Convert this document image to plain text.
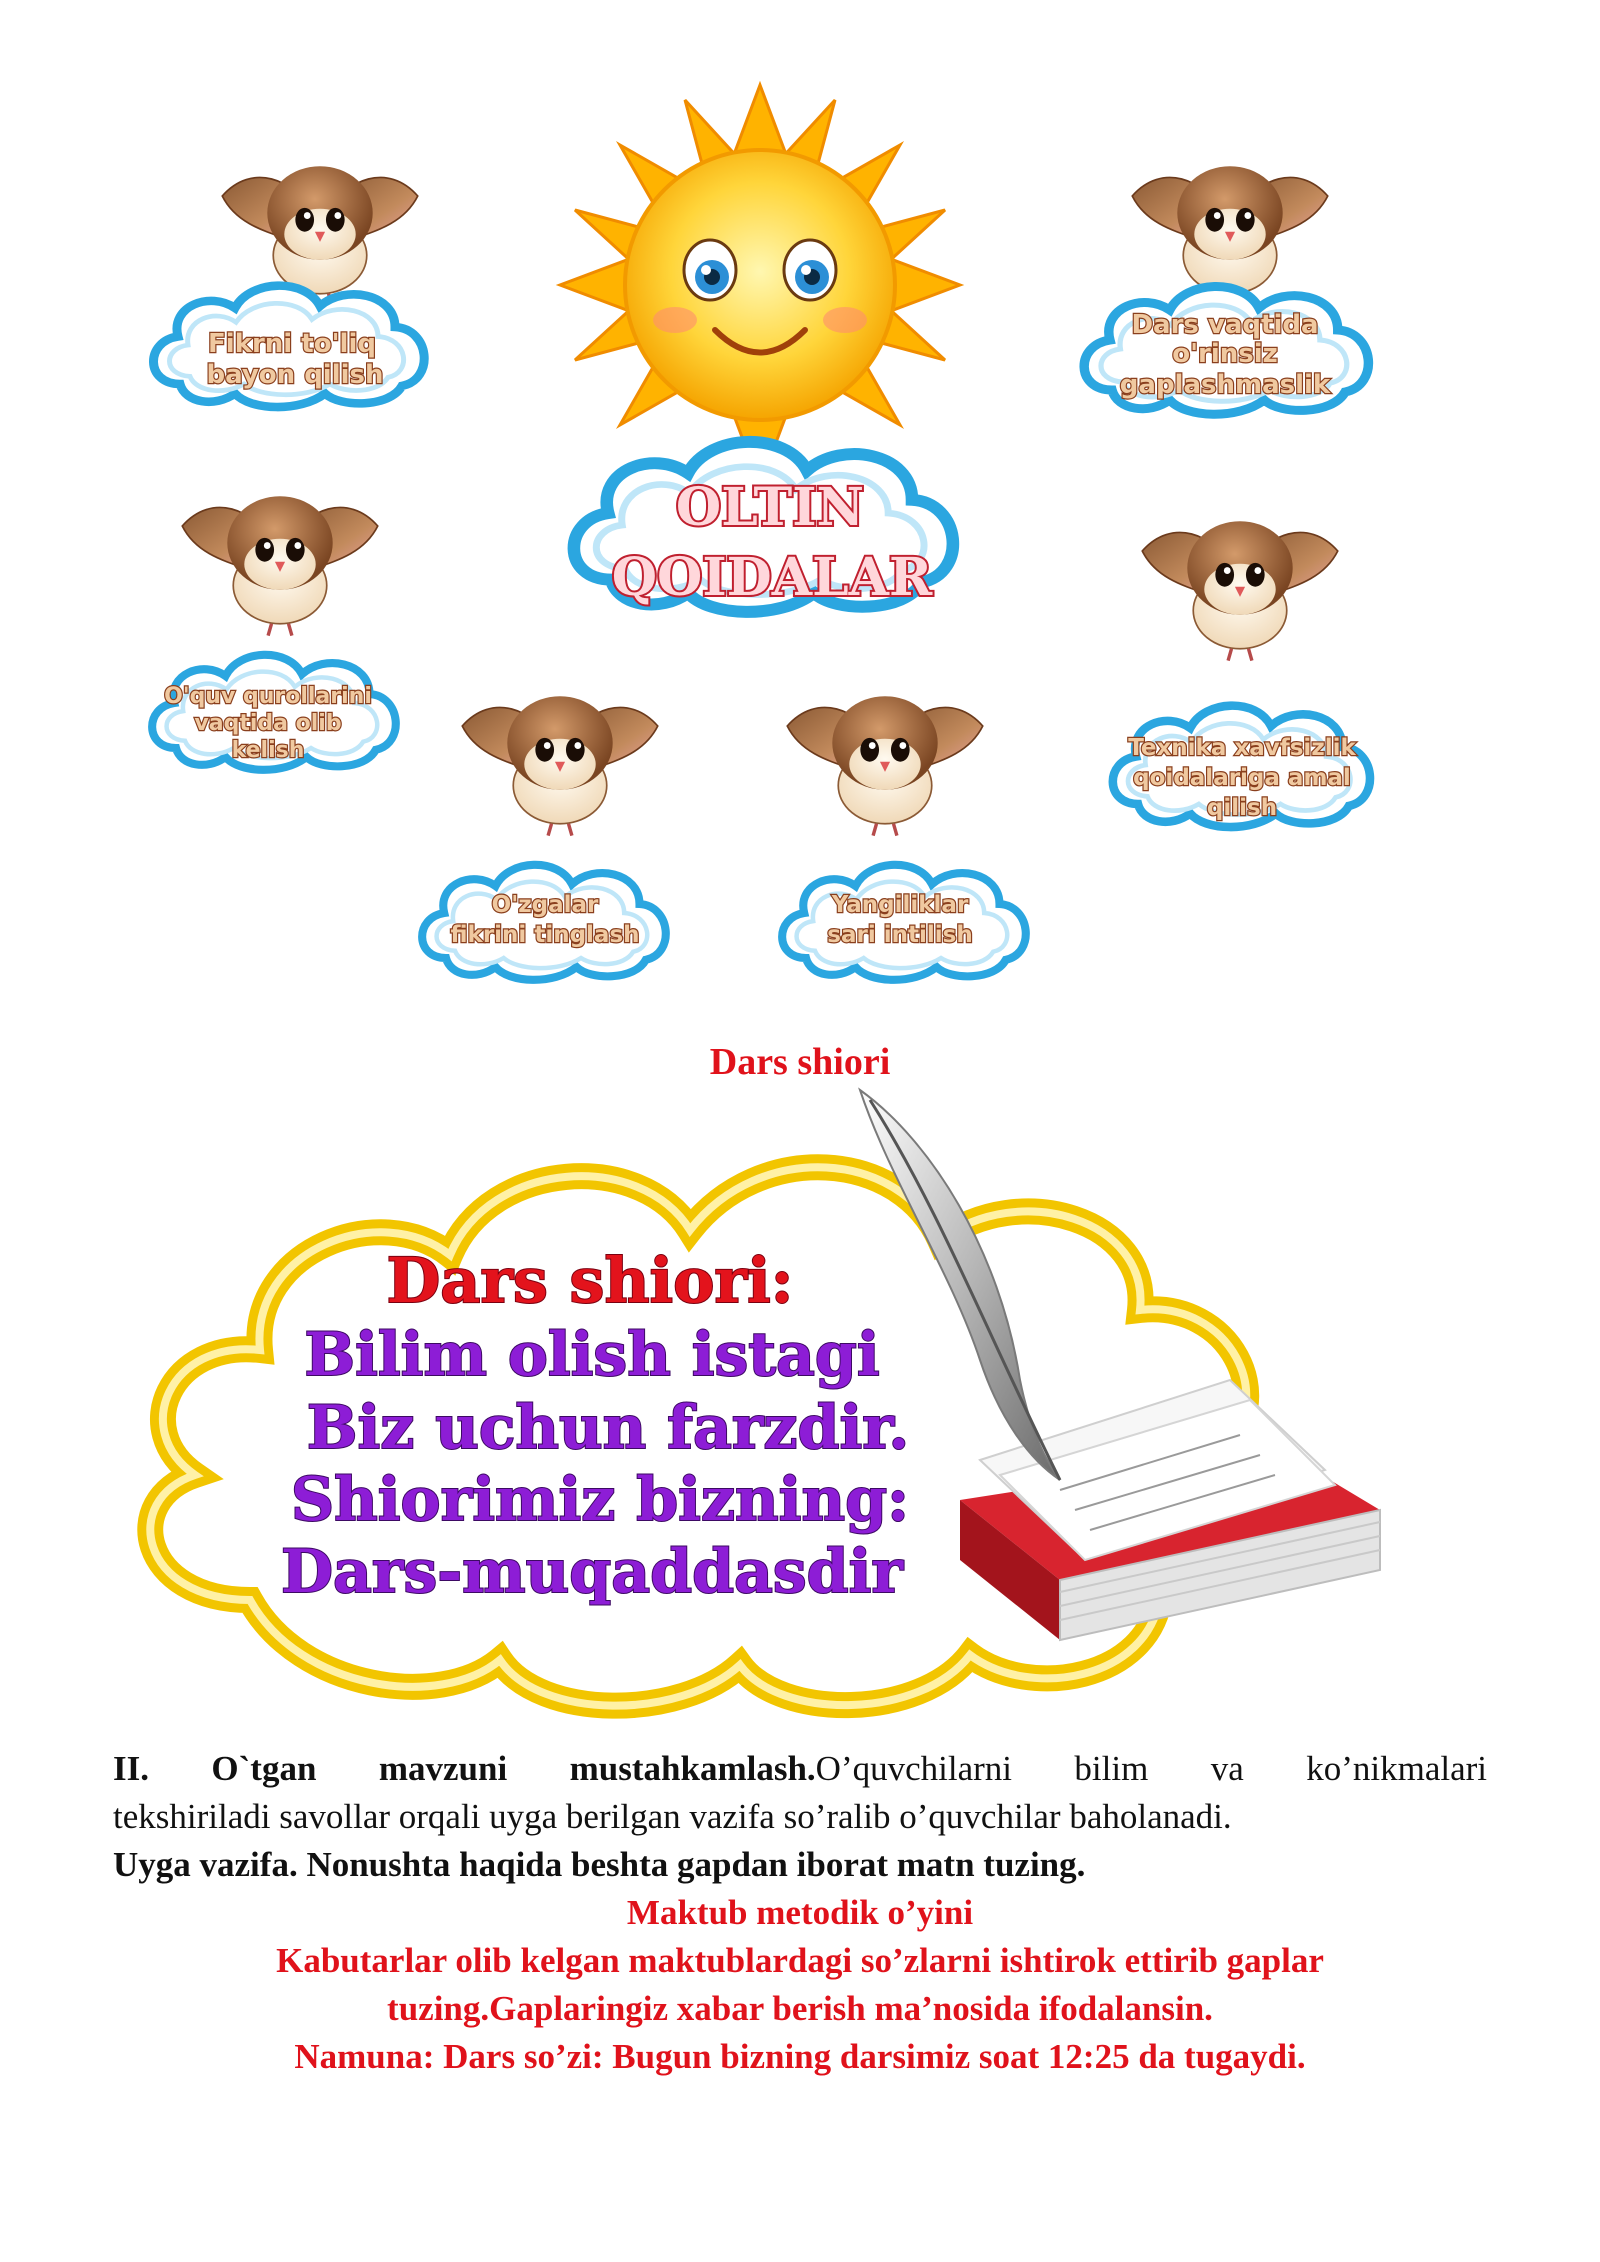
OLTIN
QOIDALAR
Fikrni to'liq
bayon qilish
Dars vaqtida
o'rinsiz
gaplashmaslik
O'quv qurollarini
vaqtida olib
kelish	Texnika xavfsizlik
qoidalariga amal
qilish
O'zgalar
fikrini tinglash
Yangiliklar
sari intilish
Dars shiori
Dars shiori:
Bilim olish istagi
Biz uchun farzdir.
Shiorimiz bizning:
Dars-muqaddasdir

II. O`tgan mavzuni mustahkamlash.O’quvchilarni bilim va ko’nikmalari

tekshiriladi savollar orqali uyga berilgan vazifa so’ralib o’quvchilar baholanadi.

Uyga vazifa. Nonushta haqida beshta gapdan iborat matn tuzing.

Maktub metodik o’yini

Kabutarlar olib kelgan maktublardagi so’zlarni ishtirok ettirib gaplar

tuzing.Gaplaringiz xabar berish ma’nosida ifodalansin.

Namuna: Dars so’zi: Bugun bizning darsimiz soat 12:25 da tugaydi.
